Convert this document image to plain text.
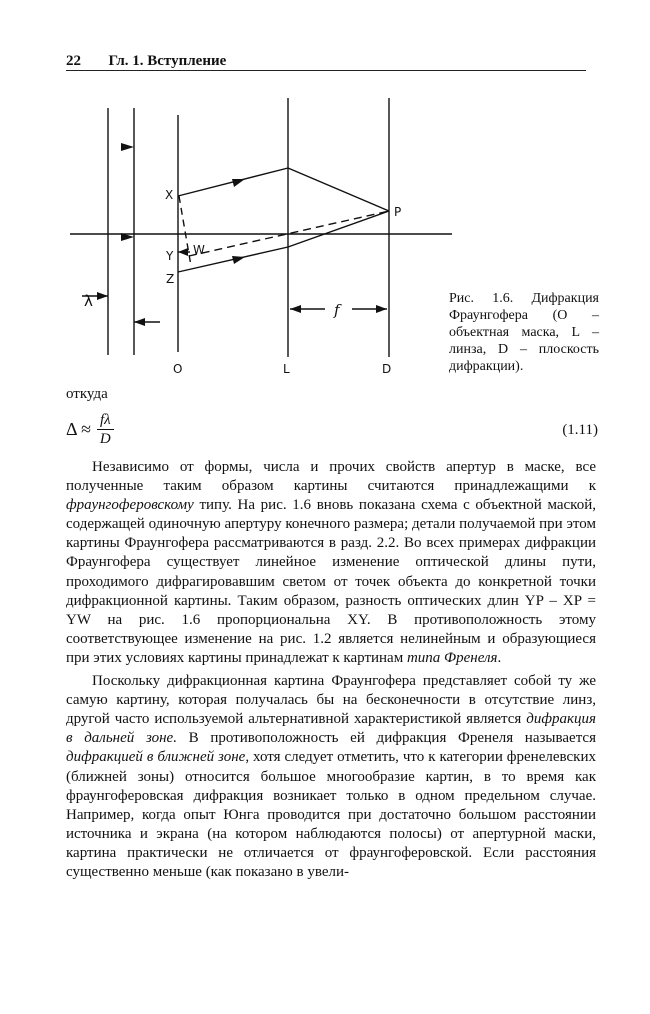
22 Гл. 1. Вступление
X
Y W
Z
P
λ	f
O	L	D
Рис. 1.6. Дифракция Фраунгофера (O – объектная маска, L – линза, D – плоскость дифракции).
откуда
$\Delta \approx \frac{f\lambda}{D}$	(1.11)

Независимо от формы, числа и прочих свойств апертур в маске, все полученные таким образом картины считаются принадлежащими к фраунгоферовскому типу. На рис. 1.6 вновь показана схема с объектной маской, содержащей одиночную апертуру конечного размера; детали получаемой при этом картины Фраунгофера рассматриваются в разд. 2.2. Во всех примерах дифракции Фраунгофера существует линейное изменение оптической длины пути, проходимого дифрагировавшим светом от точек объекта до конкретной точки дифракционной картины. Таким образом, разность оптических длин YP – XP = YW на рис. 1.6 пропорциональна XY. В противоположность этому соответствующее изменение на рис. 1.2 является нелинейным и образующиеся при этих условиях картины принадлежат к картинам типа Френеля.

Поскольку дифракционная картина Фраунгофера представляет собой ту же самую картину, которая получалась бы на бесконечности в отсутствие линз, другой часто используемой альтернативной характеристикой является дифракция в дальней зоне. В противоположность ей дифракция Френеля называется дифракцией в ближней зоне, хотя следует отметить, что к категории френелевских (ближней зоны) относится большое многообразие картин, в то время как фраунгоферовская дифракция возникает только в одном предельном случае. Например, когда опыт Юнга проводится при достаточно большом расстоянии источника и экрана (на котором наблюдаются полосы) от апертурной маски, картина практически не отличается от фраунгоферовской. Если расстояния существенно меньше (как показано в увели-
